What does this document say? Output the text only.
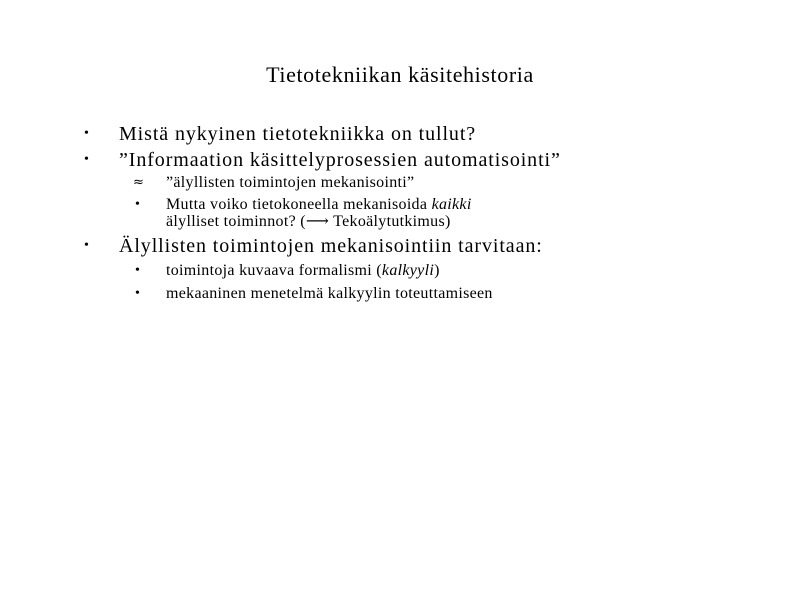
Tietotekniikan käsitehistoria
• Mistä nykyinen tietotekniikka on tullut?
• ”Informaation käsittelyprosessien automatisointi”
≈ ”älyllisten toimintojen mekanisointi”
• Mutta voiko tietokoneella mekanisoida kaikki
älylliset toiminnot? (⟶ Tekoälytutkimus)
• Älyllisten toimintojen mekanisointiin tarvitaan:
• toimintoja kuvaava formalismi (kalkyyli)
• mekaaninen menetelmä kalkyylin toteuttamiseen
